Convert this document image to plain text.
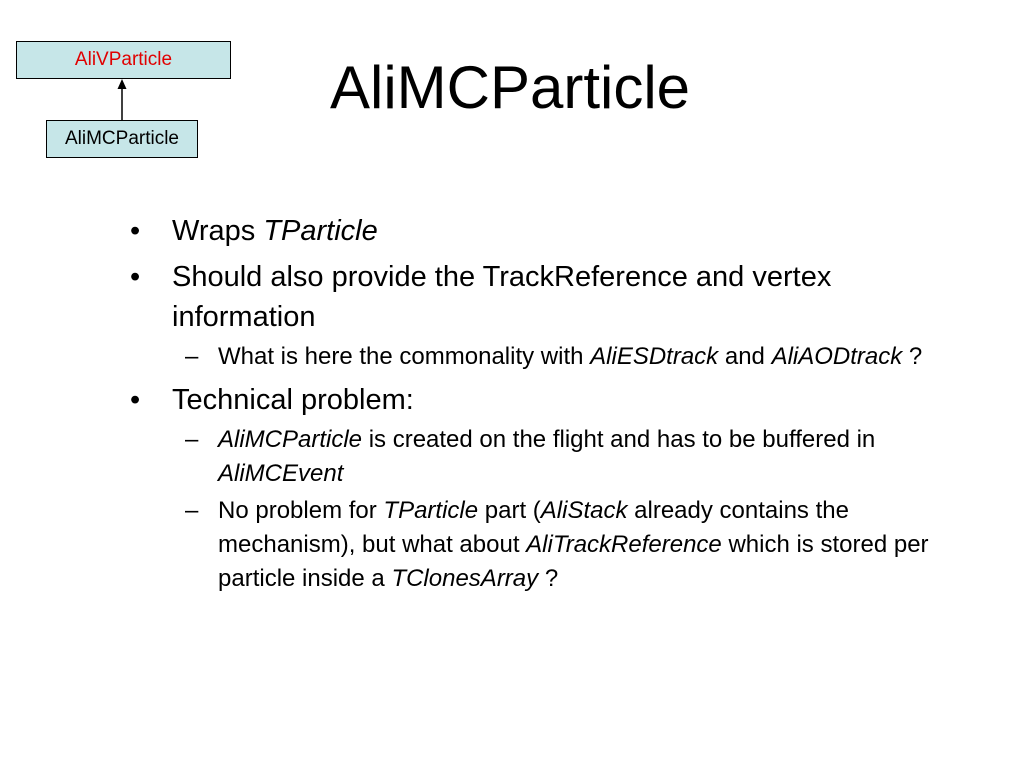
AliVParticle
AliMCParticle
AliMCParticle
• Wraps TParticle
• Should also provide the TrackReference and vertex information
– What is here the commonality with AliESDtrack and AliAODtrack ?
• Technical problem:
– AliMCParticle is created on the flight and has to be buffered in AliMCEvent
– No problem for TParticle part (AliStack already contains the mechanism), but what about AliTrackReference which is stored per particle inside a TClonesArray ?
